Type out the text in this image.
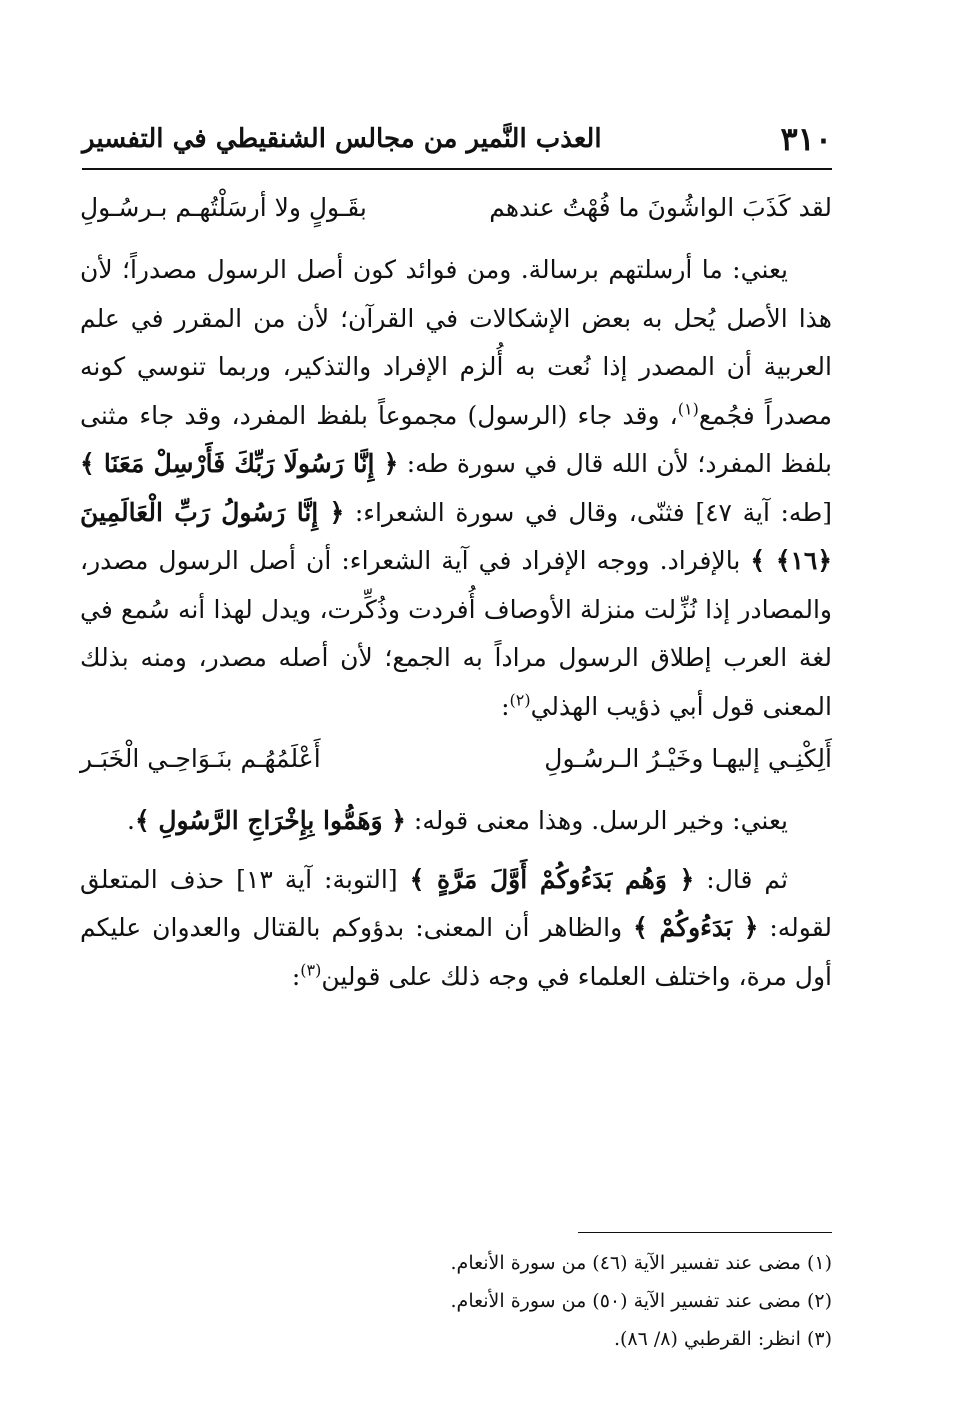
٣١٠
العذب النَّمير من مجالس الشنقيطي في التفسير
لقد كَذَبَ الواشُونَ ما فُهْتُ عندهم
بقَـولٍ ولا أرسَلْتُهـم بـرسُـولِ

يعني: ما أرسلتهم برسالة. ومن فوائد كون أصل الرسول مصدراً؛ لأن هذا الأصل يُحل به بعض الإشكالات في القرآن؛ لأن من المقرر في علم العربية أن المصدر إذا نُعت به أُلزم الإفراد والتذكير، وربما تنوسي كونه مصدراً فجُمع$^{(١)}$، وقد جاء (الرسول) مجموعاً بلفظ المفرد، وقد جاء مثنى بلفظ المفرد؛ لأن الله قال في سورة طه: ﴿ إِنَّا رَسُولَا رَبِّكَ فَأَرْسِلْ مَعَنَا ﴾ [طه: آية ٤٧] فثنّى، وقال في سورة الشعراء: ﴿ إِنَّا رَسُولُ رَبِّ الْعَالَمِينَ ﴿١٦﴾ ﴾ بالإفراد. ووجه الإفراد في آية الشعراء: أن أصل الرسول مصدر، والمصادر إذا نُزِّلت منزلة الأوصاف أُفردت وذُكِّرت، ويدل لهذا أنه سُمع في لغة العرب إطلاق الرسول مراداً به الجمع؛ لأن أصله مصدر، ومنه بذلك المعنى قول أبي ذؤيب الهذلي$^{(٢)}$:

أَلِكْنِـي إليهـا وخَيْـرُ الـرسُـولِ
أَعْلَمُهُـم بنَـوَاحِـي الْخَبَـر

يعني: وخير الرسل. وهذا معنى قوله: ﴿ وَهَمُّوا بِإِخْرَاجِ الرَّسُولِ ﴾.

ثم قال: ﴿ وَهُم بَدَءُوكُمْ أَوَّلَ مَرَّةٍ ﴾ [التوبة: آية ١٣] حذف المتعلق لقوله: ﴿ بَدَءُوكُمْ ﴾ والظاهر أن المعنى: بدؤوكم بالقتال والعدوان عليكم أول مرة، واختلف العلماء في وجه ذلك على قولين$^{(٣)}$:

(١) مضى عند تفسير الآية (٤٦) من سورة الأنعام.

(٢) مضى عند تفسير الآية (٥٠) من سورة الأنعام.

(٣) انظر: القرطبي (٨/ ٨٦).
